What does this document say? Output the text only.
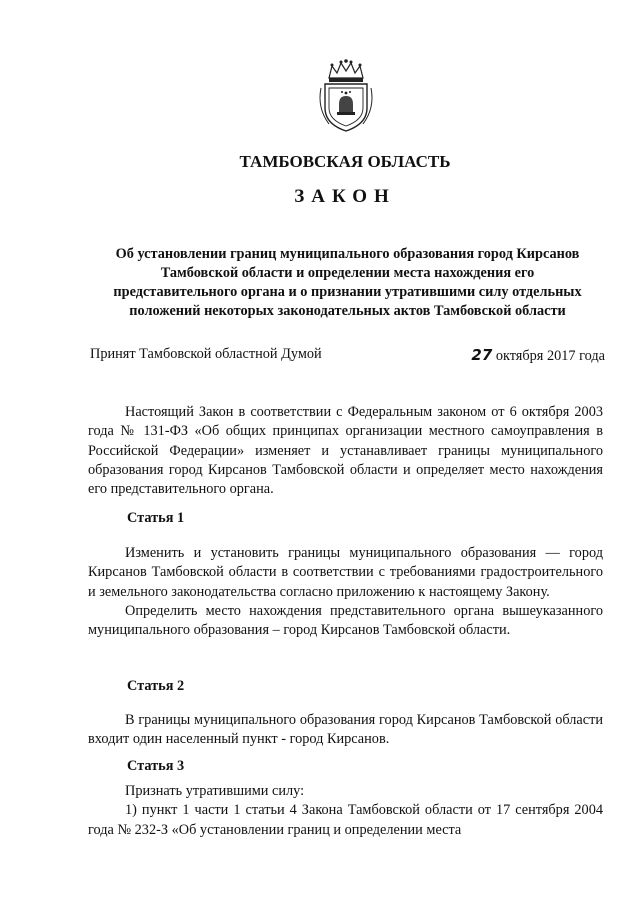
ТАМБОВСКАЯ ОБЛАСТЬ
ЗАКОН
Об установлении границ муниципального образования город Кирсанов
Тамбовской области и определении места нахождения его
представительного органа и о признании утратившими силу отдельных
положений некоторых законодательных актов Тамбовской области
Принят Тамбовской областной Думой	27 октября 2017 года

Настоящий Закон в соответствии с Федеральным законом от 6 октября 2003 года № 131-ФЗ «Об общих принципах организации местного самоуправления в Российской Федерации» изменяет и устанавливает границы муниципального образования город Кирсанов Тамбовской области и определяет место нахождения его представительного органа.

Статья 1

Изменить и установить границы муниципального образования — город Кирсанов Тамбовской области в соответствии с требованиями градостроительного и земельного законодательства согласно приложению к настоящему Закону.

Определить место нахождения представительного органа вышеуказанного муниципального образования – город Кирсанов Тамбовской области.

Статья 2

В границы муниципального образования город Кирсанов Тамбовской области входит один населенный пункт - город Кирсанов.

Статья 3

Признать утратившими силу:

1) пункт 1 части 1 статьи 4 Закона Тамбовской области от 17 сентября 2004 года № 232-З «Об установлении границ и определении места
